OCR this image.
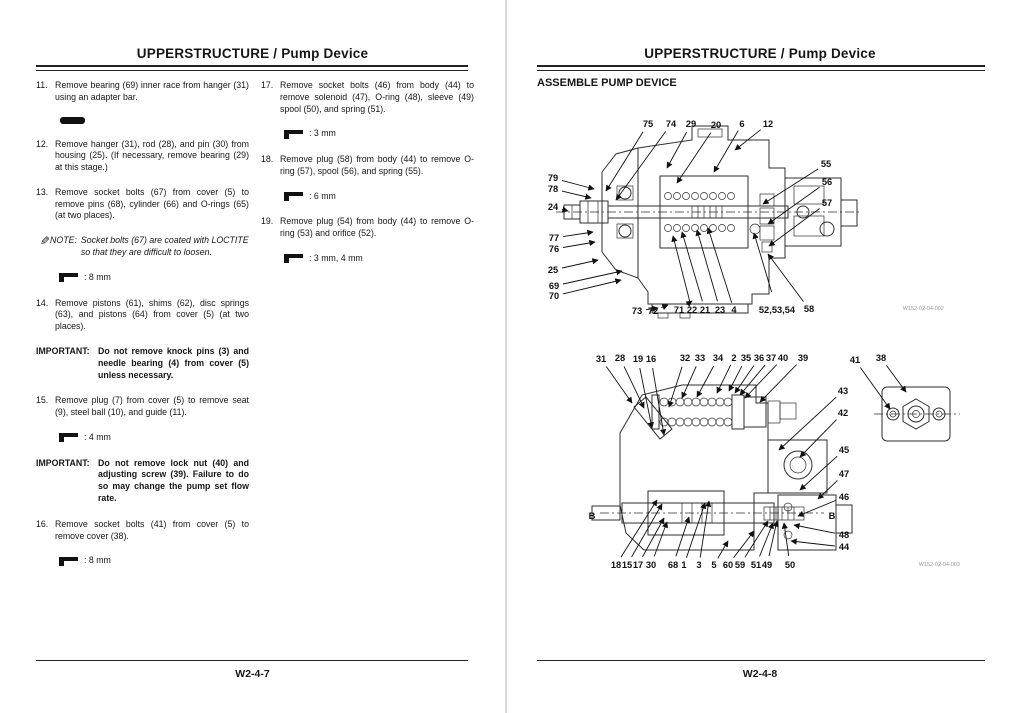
UPPERSTRUCTURE / Pump Device
11. Remove bearing (69) inner race from hanger (31) using an adapter bar.
12. Remove hanger (31), rod (28), and pin (30) from housing (25). (If necessary, remove bearing (29) at this stage.)
13. Remove socket bolts (67) from cover (5) to remove pins (68), cylinder (66) and O-rings (65) (at two places).
✎ NOTE: Socket bolts (67) are coated with LOCTITE so that they are difficult to loosen.
: 8 mm
14. Remove pistons (61), shims (62), disc springs (63), and pistons (64) from cover (5) (at two places).
IMPORTANT: Do not remove knock pins (3) and needle bearing (4) from cover (5) unless necessary.
15. Remove plug (7) from cover (5) to remove seat (9), steel ball (10), and guide (11).
: 4 mm
IMPORTANT: Do not remove lock nut (40) and adjusting screw (39). Failure to do so may change the pump set flow rate.
16. Remove socket bolts (41) from cover (5) to remove cover (38).
: 8 mm
17. Remove socket bolts (46) from body (44) to remove solenoid (47), O-ring (48), sleeve (49) spool (50), and spring (51).
: 3 mm
18. Remove plug (58) from body (44) to remove O-ring (57), spool (56), and spring (55).
: 6 mm
19. Remove plug (54) from body (44) to remove O-ring (53) and orifice (52).
: 3 mm, 4 mm
W2-4-7
UPPERSTRUCTURE / Pump Device
ASSEMBLE PUMP DEVICE
W152-02-04-002
75 74 29 20 6 12
55
56
57
79
78
24
77
76
25
69
70
73 72 71 22 21 23 4 52,53,54 58
W152-02-04-003
31 28 19 16	32 33 34 2 35 36 37 40 39	41 38
43
42
45
47
46
48
44
18 15 17 30 68 1 3 5 60 59 51 49 50
B	B
W2-4-8
